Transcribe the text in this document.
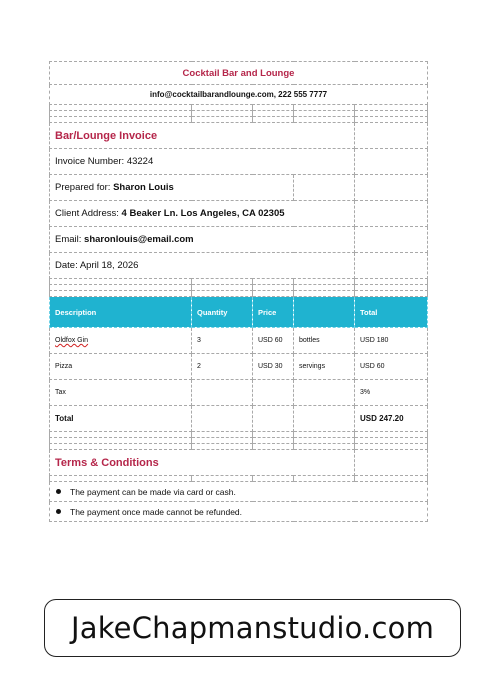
Cocktail Bar and Lounge				
info@cocktailbarandlounge.com, 222 555 7777				

Bar/Lounge Invoice				
Invoice Number: 43224				
Prepared for: Sharon Louis				
Client Address: 4 Beaker Ln. Los Angeles, CA 02305				
Email: sharonlouis@email.com				
Date: April 18, 2026				

Description	Quantity	Price		Total
Oldfox Gin	3	USD 60	bottles	USD 180
Pizza	2	USD 30	servings	USD 60
Tax				3%
Total				USD 247.20

Terms & Conditions				

The payment can be made via card or cash.				
The payment once made cannot be refunded.				
JakeChapmanstudio.com
